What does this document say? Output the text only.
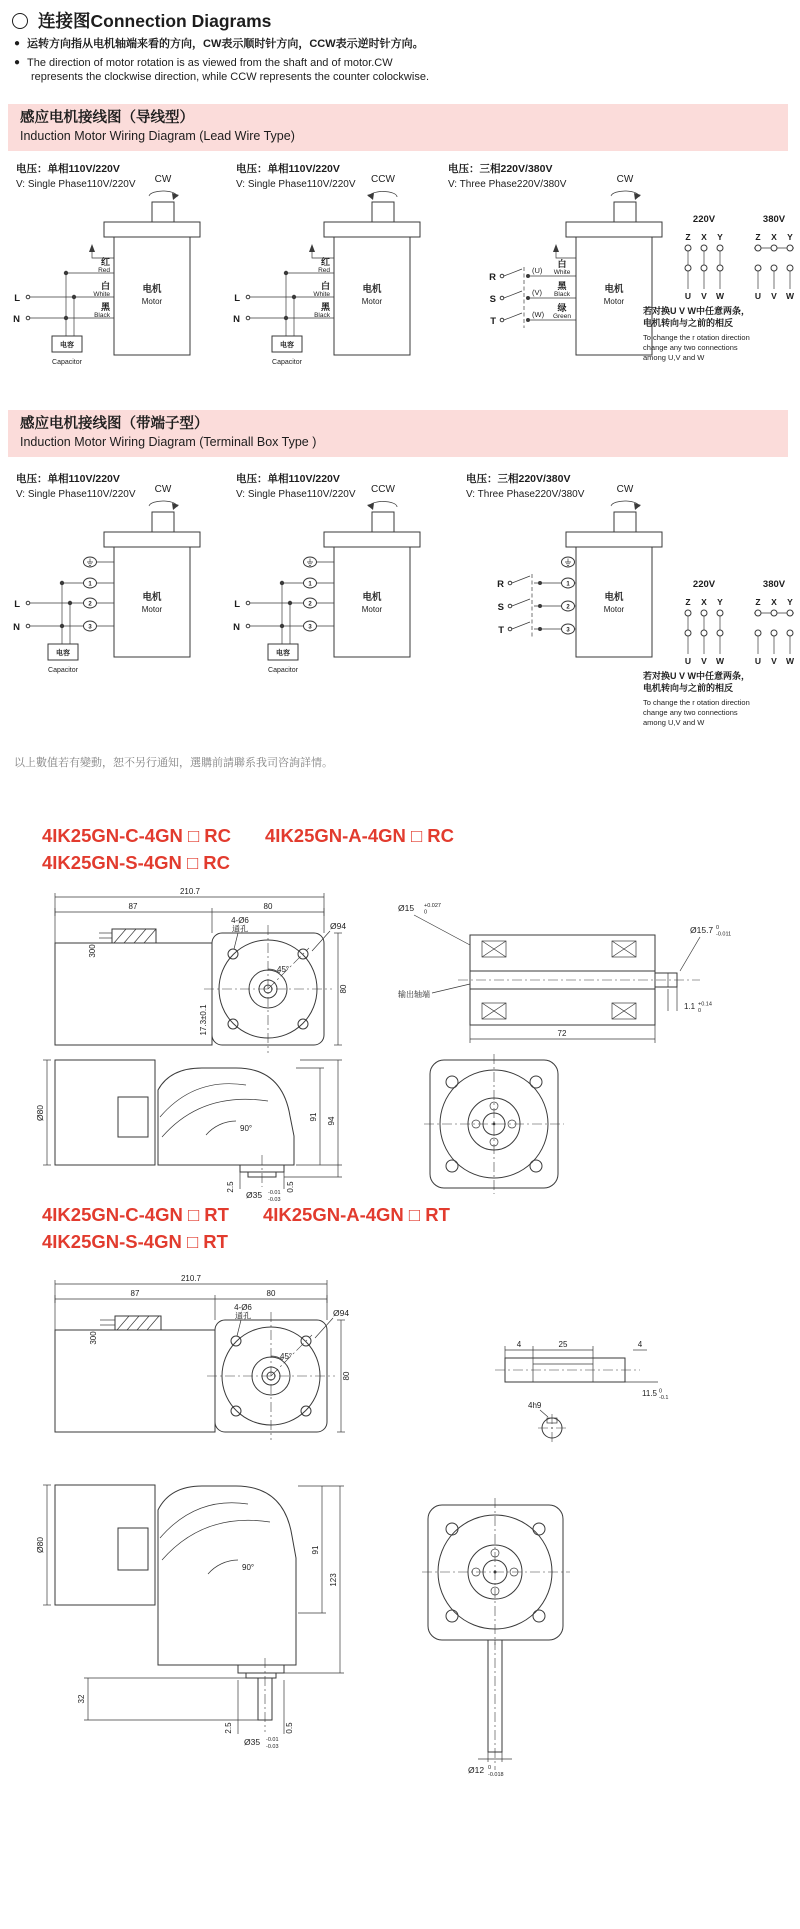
连接图Connection Diagrams
● 运转方向指从电机轴端来看的方向，CW表示顺时针方向，CCW表示逆时针方向。
● The direction of motor rotation is as viewed from the shaft and of motor.CW
represents the clockwise direction, while CCW represents the counter colockwise.
感应电机接线图（导线型）
Induction Motor Wiring Diagram (Lead Wire Type)
电压：单相110V/220V
V: Single Phase110V/220V CW
电机
Motor
红
Red
白
White
L
黑
Black
N
电容
Capacitor
电压：单相110V/220V
V: Single Phase110V/220V CCW
电机
Motor
红
Red
白
White
L
黑
Black
N
电容
Capacitor
电压：三相220V/380V
V: Three Phase220V/380V	CW
电机
Motor
R
(U)
白
White
S
(V)
黑
Black
T
(W)
绿
Green
220V	380V
Z X Y
U V W
Z X Y
U V W
若对换U V W中任意两条，
电机转向与之前的相反
To change the r otation direction
change any two connections
among U,V and W
感应电机接线图（带端子型）
Induction Motor Wiring Diagram (Terminall Box Type )
电压：单相110V/220V
V: Single Phase110V/220V CW
电机
Motor
1
2
L
3
N
电容
Capacitor
电压：单相110V/220V
V: Single Phase110V/220V CCW
电机
Motor
1
2
L
3
N
电容
Capacitor
电压：三相220V/380V
V: Three Phase220V/380V	CW
电机
Motor
R	1
S	2
T	3
220V	380V
Z X Y
U V W
Z X Y
U V W
若对换U V W中任意两条，
电机转向与之前的相反
To change the r otation direction
change any two connections
among U,V and W
以上數值若有變動，恕不另行通知，選購前請聯系我司咨詢詳情。
4IK25GN-C-4GN □ RC 4IK25GN-A-4GN □ RC
4IK25GN-S-4GN □ RC
210.7
87	80
300
45°
4-Ø6
通孔	Ø94
17.3±0.1
80
Ø15 +0.027
0
输出轴端
Ø15.7 0
-0.011
72
1.1 +0.14
0
Ø80
90°
2.5	0.5
Ø35 -0.01
-0.03
91 94
4IK25GN-C-4GN □ RT 4IK25GN-A-4GN □ RT
4IK25GN-S-4GN □ RT
210.7
87	80
300
45°
4-Ø6
通孔	Ø94
80
4	25	4
11.5 0
-0.1
4h9
Ø80
90°
32
2.5	0.5
Ø35 -0.01
-0.03
91
123
Ø12 0
-0.018
